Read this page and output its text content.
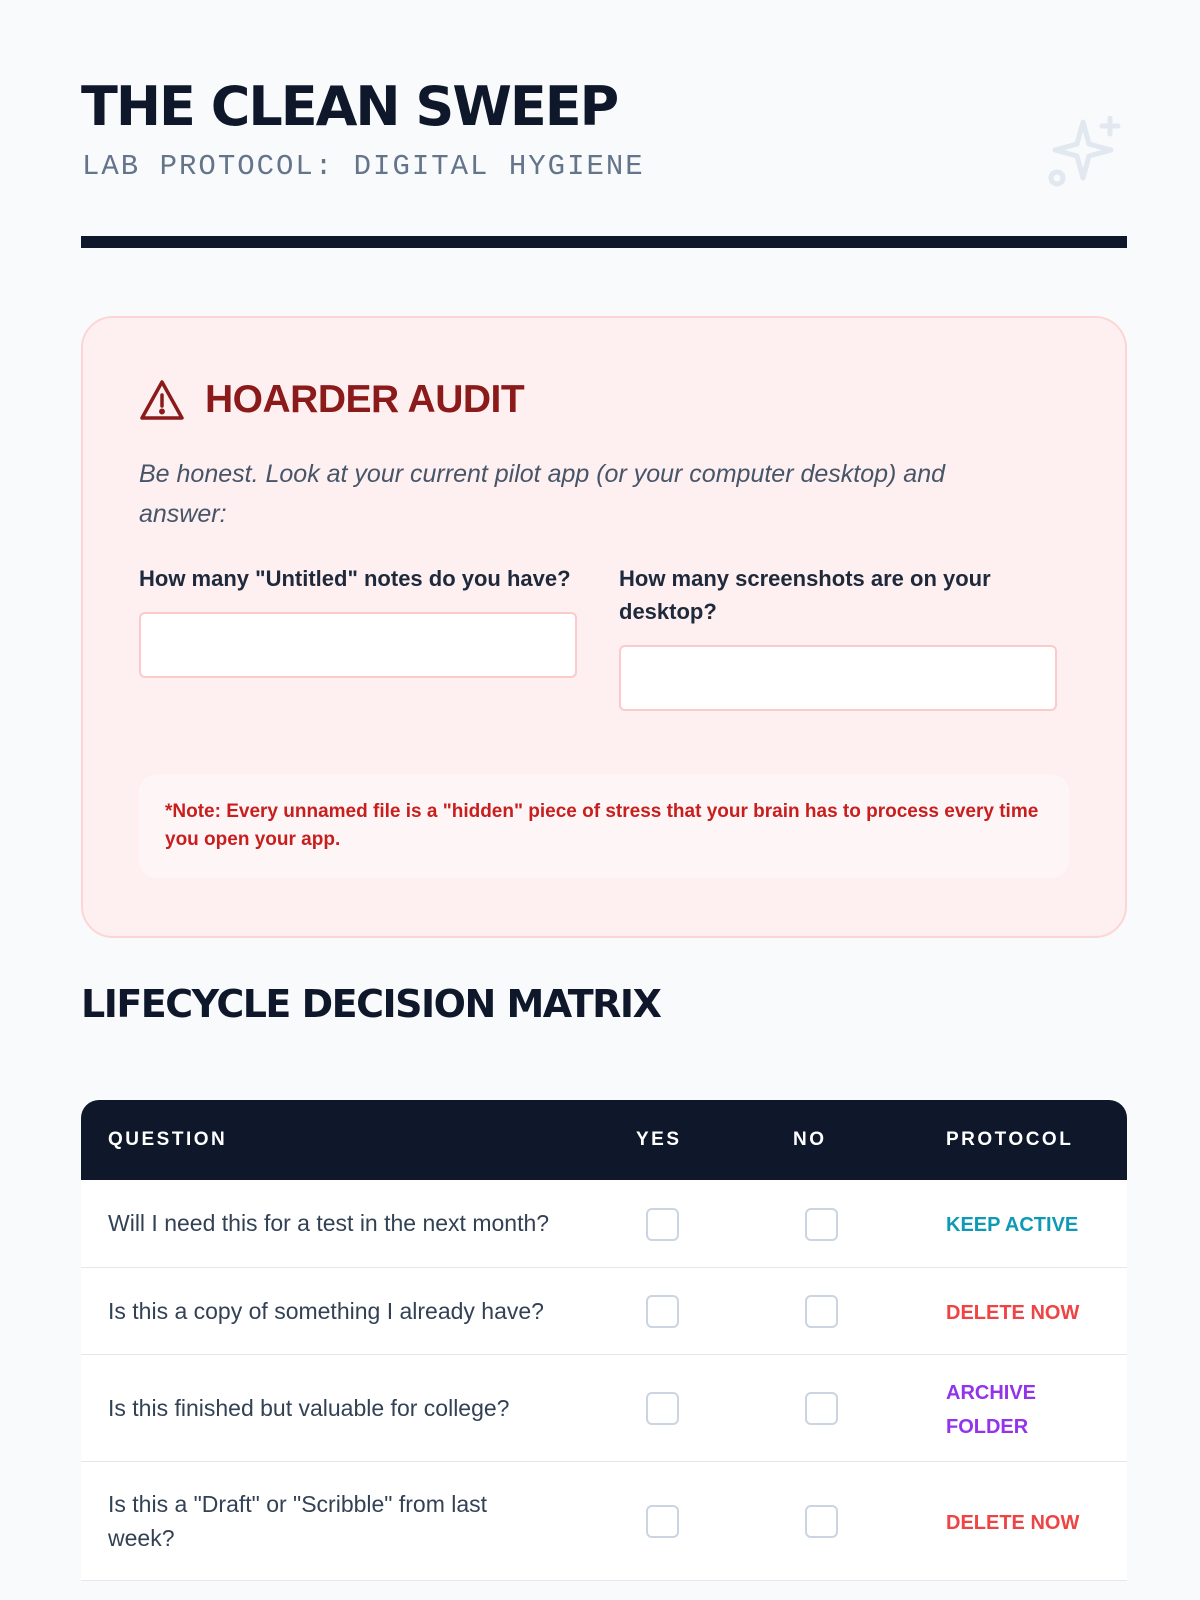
THE CLEAN SWEEP

LAB PROTOCOL: DIGITAL HYGIENE

HOARDER AUDIT

Be honest. Look at your current pilot app (or your computer desktop) and answer:

How many "Untitled" notes do you have? How many screenshots are on your desktop?

*Note: Every unnamed file is a "hidden" piece of stress that your brain has to process every time you open your app.

LIFECYCLE DECISION MATRIX
QUESTION	YES	NO	PROTOCOL
Will I need this for a test in the next month?			KEEP ACTIVE
Is this a copy of something I already have?			DELETE NOW
Is this finished but valuable for college?			ARCHIVE FOLDER
Is this a "Draft" or "Scribble" from last week?			DELETE NOW
